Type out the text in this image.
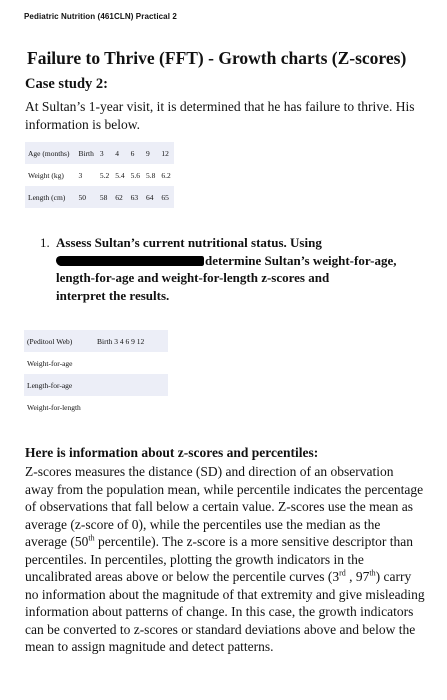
Pediatric Nutrition (461CLN) Practical 2
Failure to Thrive (FFT) - Growth charts (Z-scores)
Case study 2:
At Sultan’s 1-year visit, it is determined that he has failure to thrive. His information is below.
Age (months)	Birth	3	4	6	9	12
Weight (kg)	3	5.2	5.4	5.6	5.8	6.2
Length (cm)	50	58	62	63	64	65
1. Assess Sultan’s current nutritional status. Using
determine Sultan’s weight-for-age,
length-for-age and weight-for-length z-scores and
interpret the results.
(Peditool Web)	Birth 3 4 6 9 12
Weight-for-age	
Length-for-age	
Weight-for-length	
Here is information about z-scores and percentiles:
Z-scores measures the distance (SD) and direction of an observation away from the population mean, while percentile indicates the percentage of observations that fall below a certain value. Z-scores use the mean as average (z-score of 0), while the percentiles use the median as the average (50th percentile). The z-score is a more sensitive descriptor than percentiles. In percentiles, plotting the growth indicators in the uncalibrated areas above or below the percentile curves (3rd , 97th) carry no information about the magnitude of that extremity and give misleading information about patterns of change. In this case, the growth indicators can be converted to z-scores or standard deviations above and below the mean to assign magnitude and detect patterns.
